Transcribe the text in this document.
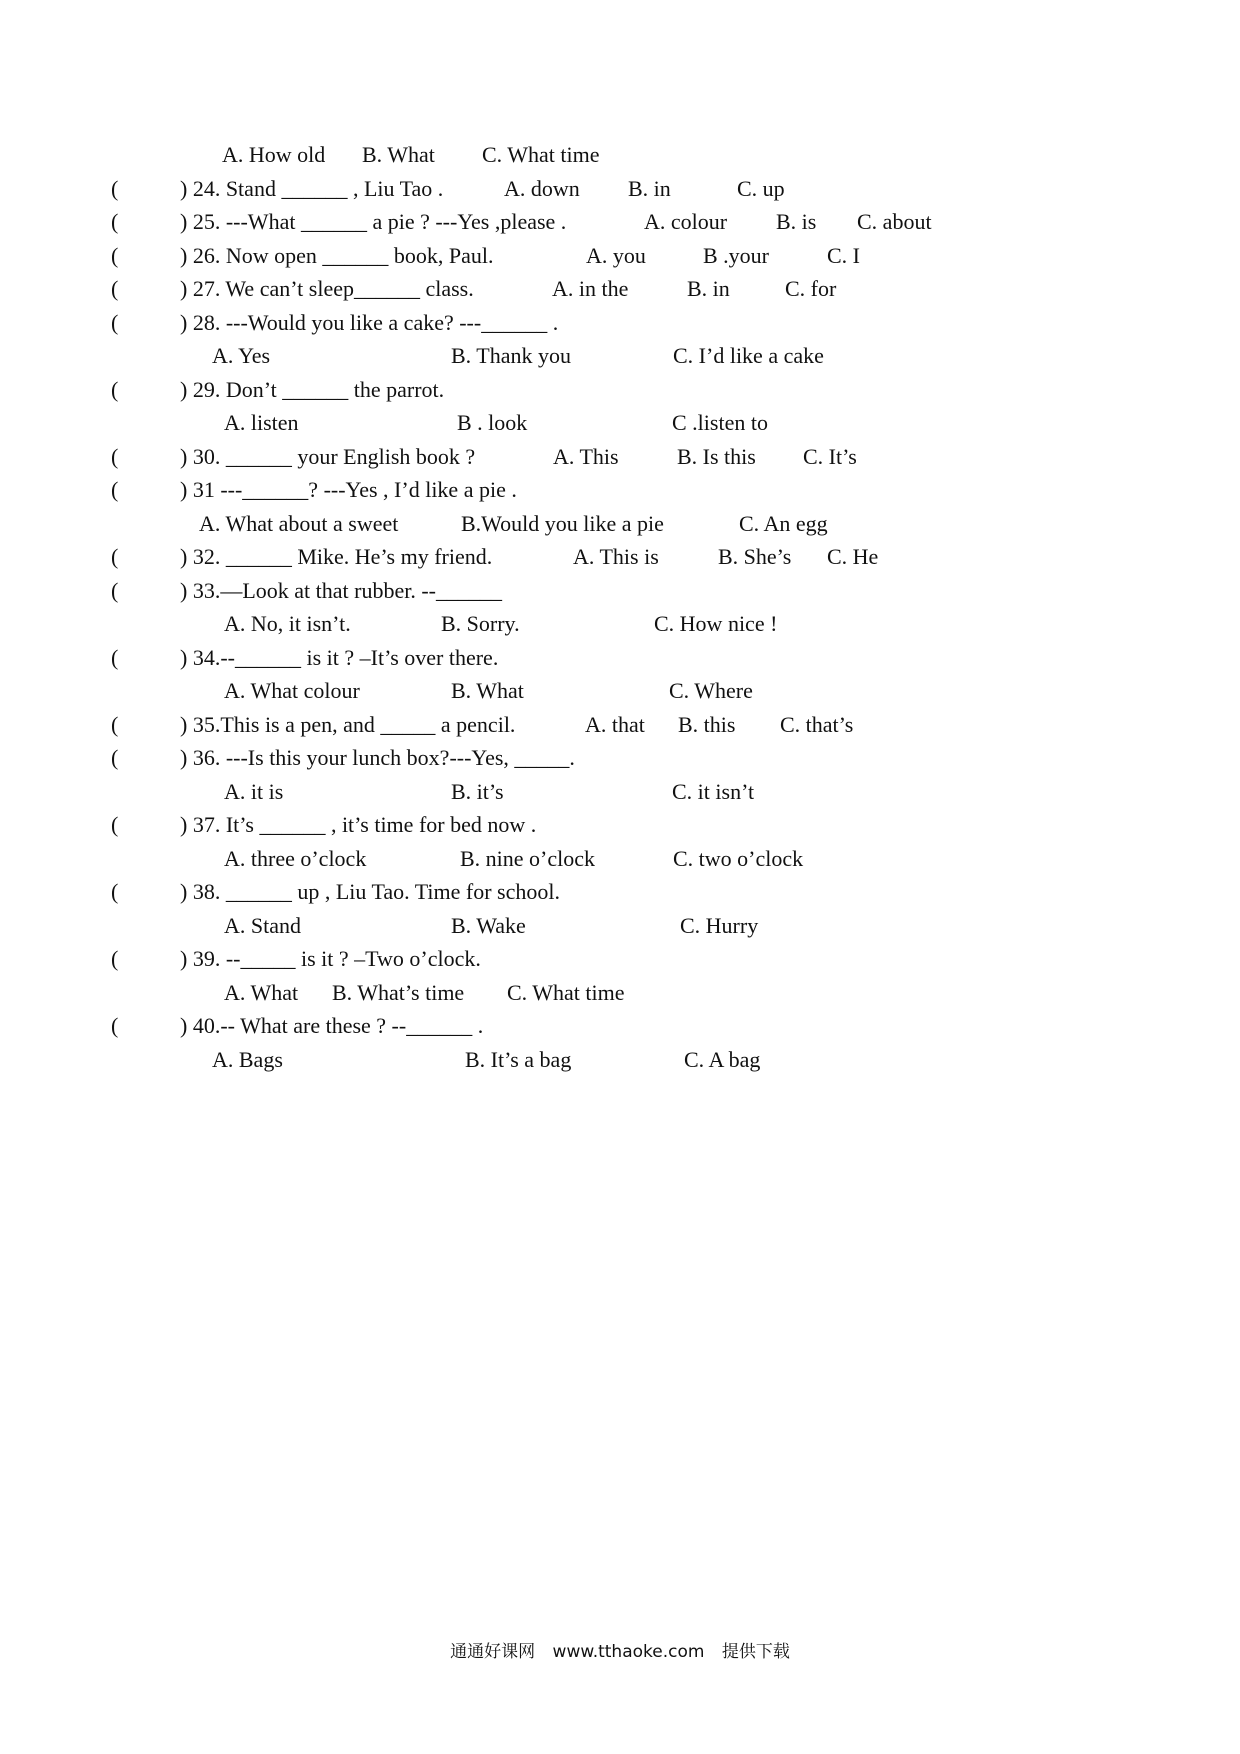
A. How old B. What C. What time
(	) 24. Stand ______ , Liu Tao .	A. down B. in	C. up
(	) 25. ---What ______ a pie ? ---Yes ,please .	A. colour B. is C. about
(	) 26. Now open ______ book, Paul.	A. you	B .your	C. I
(	) 27. We can’t sleep______ class.	A. in the	B. in	C. for
(	) 28. ---Would you like a cake? ---______ .
A. Yes	B. Thank you	C. I’d like a cake
(	) 29. Don’t ______ the parrot.
A. listen	B . look	C .listen to
(	) 30. ______ your English book ?	A. This	B. Is this C. It’s
(	) 31 ---______? ---Yes , I’d like a pie .
A. What about a sweet	B.Would you like a pie	C. An egg
(	) 32. ______ Mike. He’s my friend.	A. This is	B. She’s C. He
(	) 33.—Look at that rubber. --______
A. No, it isn’t.	B. Sorry.	C. How nice !
(	) 34.--______ is it ? –It’s over there.
A. What colour	B. What	C. Where
(	) 35.This is a pen, and _____ a pencil.	A. that B. this C. that’s
(	) 36. ---Is this your lunch box?---Yes, _____.
A. it is	B. it’s	C. it isn’t
(	) 37. It’s ______ , it’s time for bed now .
A. three o’clock	B. nine o’clock	C. two o’clock
(	) 38. ______ up , Liu Tao. Time for school.
A. Stand	B. Wake	C. Hurry
(	) 39. --_____ is it ? –Two o’clock.
A. What B. What’s time C. What time
(	) 40.-- What are these ? --______ .
A. Bags	B. It’s a bag	C. A bag
通通好课网 www.tthaoke.com 提供下载
